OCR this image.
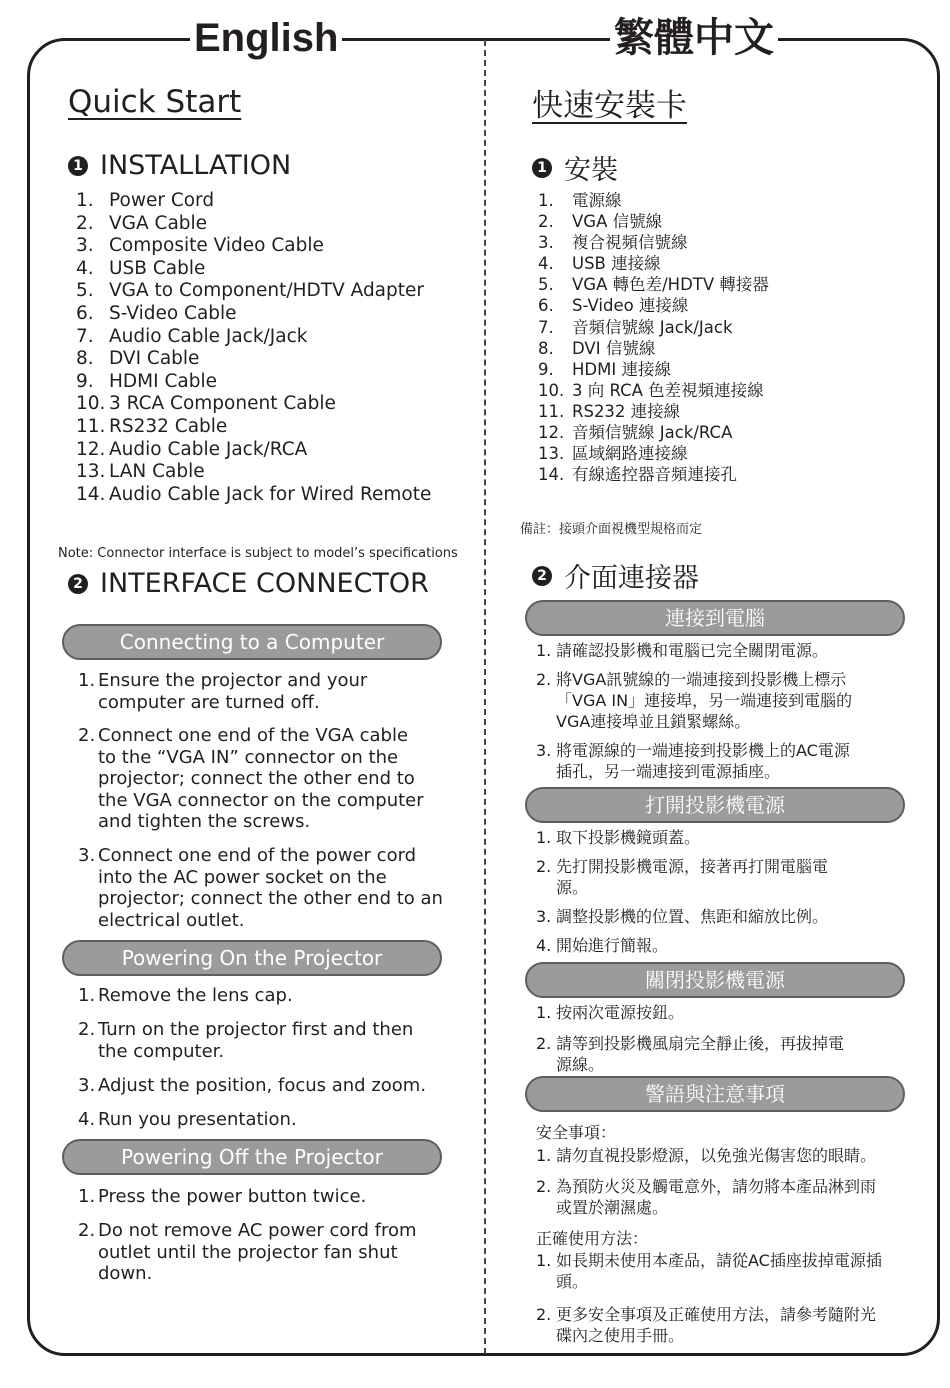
English	繁體中文
Quick Start
1 INSTALLATION
1. Power Cord
2. VGA Cable
3. Composite Video Cable
4. USB Cable
5. VGA to Component/HDTV Adapter
6. S-Video Cable
7. Audio Cable Jack/Jack
8. DVI Cable
9. HDMI Cable
10. 3 RCA Component Cable
11. RS232 Cable
12. Audio Cable Jack/RCA
13. LAN Cable
14. Audio Cable Jack for Wired Remote
Note: Connector interface is subject to model’s specifications
2 INTERFACE CONNECTOR
Connecting to a Computer
1. Ensure the projector and your
computer are turned off.
2. Connect one end of the VGA cable
to the “VGA IN” connector on the
projector; connect the other end to
the VGA connector on the computer
and tighten the screws.
3. Connect one end of the power cord
into the AC power socket on the
projector; connect the other end to an
electrical outlet.
Powering On the Projector
1. Remove the lens cap.
2. Turn on the projector first and then
the computer.
3. Adjust the position, focus and zoom.
4. Run you presentation.
Powering Off the Projector
1. Press the power button twice.
2. Do not remove AC power cord from
outlet until the projector fan shut
down.
快速安裝卡
1 安裝
1.	電源線
2.	VGA 信號線
3.	複合視頻信號線
4.	USB 連接線
5.	VGA 轉色差/HDTV 轉接器
6.	S-Video 連接線
7.	音頻信號線 Jack/Jack
8.	DVI 信號線
9.	HDMI 連接線
10. 3 向 RCA 色差視頻連接線
11. RS232 連接線
12. 音頻信號線 Jack/RCA
13. 區域網路連接線
14. 有線遙控器音頻連接孔
備註：接頭介面視機型規格而定
2 介面連接器
連接到電腦
1. 請確認投影機和電腦已完全關閉電源。
2. 將VGA訊號線的一端連接到投影機上標示
「VGA IN」連接埠，另一端連接到電腦的
VGA連接埠並且鎖緊螺絲。
3. 將電源線的一端連接到投影機上的AC電源
插孔，另一端連接到電源插座。
打開投影機電源
1. 取下投影機鏡頭蓋。
2. 先打開投影機電源，接著再打開電腦電
源。
3. 調整投影機的位置、焦距和縮放比例。
4. 開始進行簡報。
關閉投影機電源
1. 按兩次電源按鈕。
2. 請等到投影機風扇完全靜止後，再拔掉電
源線。
警語與注意事項
安全事項：
1. 請勿直視投影燈源，以免強光傷害您的眼睛。
2. 為預防火災及觸電意外，請勿將本產品淋到雨
或置於潮濕處。
正確使用方法：
1. 如長期未使用本產品，請從AC插座拔掉電源插
頭。
2. 更多安全事項及正確使用方法，請參考隨附光
碟內之使用手冊。
